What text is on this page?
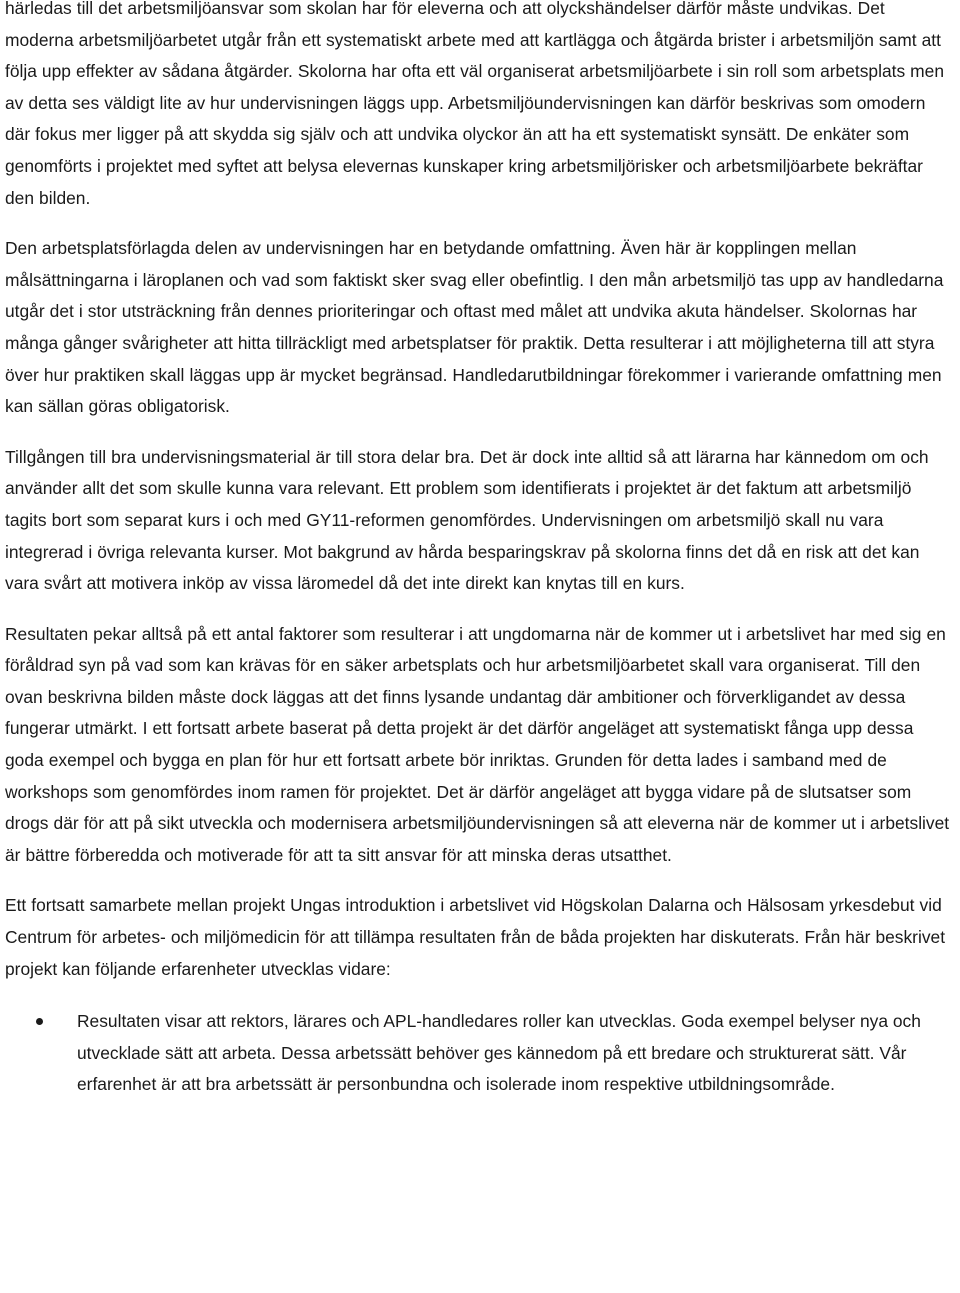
härledas till det arbetsmiljöansvar som skolan har för eleverna och att olyckshändelser därför måste undvikas. Det moderna arbetsmiljöarbetet utgår från ett systematiskt arbete med att kartlägga och åtgärda brister i arbetsmiljön samt att följa upp effekter av sådana åtgärder. Skolorna har ofta ett väl organiserat arbetsmiljöarbete i sin roll som arbetsplats men av detta ses väldigt lite av hur undervisningen läggs upp. Arbetsmiljöundervisningen kan därför beskrivas som omodern där fokus mer ligger på att skydda sig själv och att undvika olyckor än att ha ett systematiskt synsätt. De enkäter som genomförts i projektet med syftet att belysa elevernas kunskaper kring arbetsmiljörisker och arbetsmiljöarbete bekräftar den bilden.

Den arbetsplatsförlagda delen av undervisningen har en betydande omfattning. Även här är kopplingen mellan målsättningarna i läroplanen och vad som faktiskt sker svag eller obefintlig. I den mån arbetsmiljö tas upp av handledarna utgår det i stor utsträckning från dennes prioriteringar och oftast med målet att undvika akuta händelser. Skolornas har många gånger svårigheter att hitta tillräckligt med arbetsplatser för praktik. Detta resulterar i att möjligheterna till att styra över hur praktiken skall läggas upp är mycket begränsad. Handledarutbildningar förekommer i varierande omfattning men kan sällan göras obligatorisk.

Tillgången till bra undervisningsmaterial är till stora delar bra. Det är dock inte alltid så att lärarna har kännedom om och använder allt det som skulle kunna vara relevant. Ett problem som identifierats i projektet är det faktum att arbetsmiljö tagits bort som separat kurs i och med GY11-reformen genomfördes. Undervisningen om arbetsmiljö skall nu vara integrerad i övriga relevanta kurser. Mot bakgrund av hårda besparingskrav på skolorna finns det då en risk att det kan vara svårt att motivera inköp av vissa läromedel då det inte direkt kan knytas till en kurs.

Resultaten pekar alltså på ett antal faktorer som resulterar i att ungdomarna när de kommer ut i arbetslivet har med sig en föråldrad syn på vad som kan krävas för en säker arbetsplats och hur arbetsmiljöarbetet skall vara organiserat. Till den ovan beskrivna bilden måste dock läggas att det finns lysande undantag där ambitioner och förverkligandet av dessa fungerar utmärkt. I ett fortsatt arbete baserat på detta projekt är det därför angeläget att systematiskt fånga upp dessa goda exempel och bygga en plan för hur ett fortsatt arbete bör inriktas. Grunden för detta lades i samband med de workshops som genomfördes inom ramen för projektet. Det är därför angeläget att bygga vidare på de slutsatser som drogs där för att på sikt utveckla och modernisera arbetsmiljöundervisningen så att eleverna när de kommer ut i arbetslivet är bättre förberedda och motiverade för att ta sitt ansvar för att minska deras utsatthet.

Ett fortsatt samarbete mellan projekt Ungas introduktion i arbetslivet vid Högskolan Dalarna och Hälsosam yrkesdebut vid Centrum för arbetes- och miljömedicin för att tillämpa resultaten från de båda projekten har diskuterats. Från här beskrivet projekt kan följande erfarenheter utvecklas vidare:

Resultaten visar att rektors, lärares och APL-handledares roller kan utvecklas. Goda exempel belyser nya och utvecklade sätt att arbeta. Dessa arbetssätt behöver ges kännedom på ett bredare och strukturerat sätt. Vår erfarenhet är att bra arbetssätt är personbundna och isolerade inom respektive utbildningsområde.
